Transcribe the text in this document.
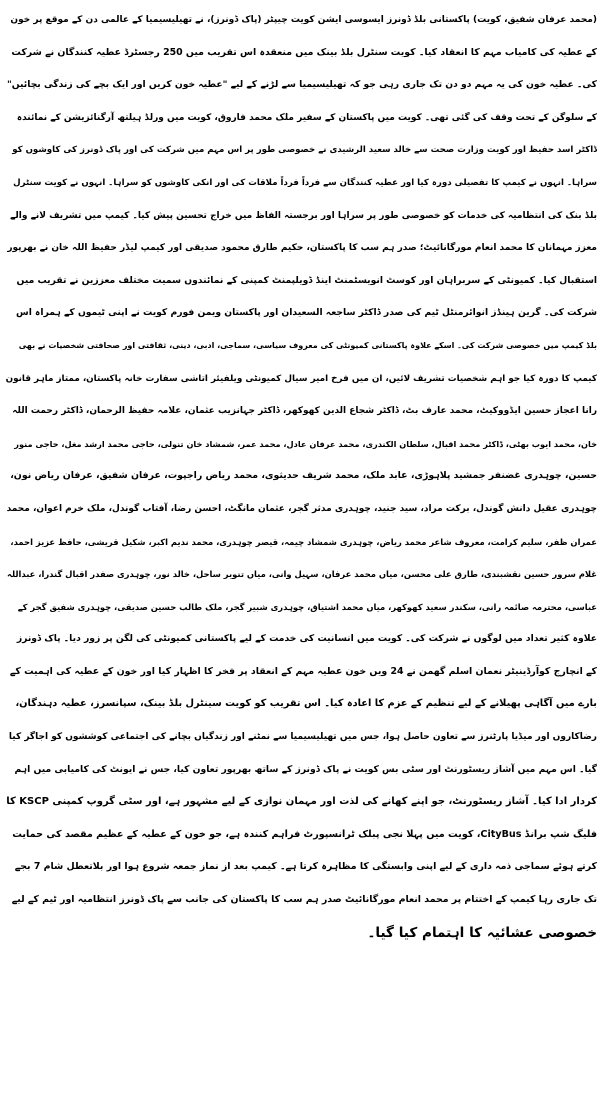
(محمد عرفان شفیق، کویت) پاکستانی بلڈ ڈونرز ایسوسی ایشن کویت چیپٹر (پاک ڈونرز)، نے تھیلیسیمیا کے عالمی دن کے موقع پر خون
کے عطیہ کی کامیاب مہم کا انعقاد کیا۔ کویت سنٹرل بلڈ بینک میں منعقدہ اس تقریب میں 250 رجسٹرڈ عطیہ کنندگان نے شرکت
کی۔ عطیہ خون کی یہ مہم دو دن تک جاری رہی جو کہ تھیلیسیمیا سے لڑنے کے لیے "عطیہ خون کریں اور ایک بچے کی زندگی بچائیں"
کے سلوگن کے تحت وقف کی گئی تھی۔ کویت میں پاکستان کے سفیر ملک محمد فاروق، کویت میں ورلڈ ہیلتھ آرگنائزیشن کے نمائندہ
ڈاکٹر اسد حفیظ اور کویت وزارت صحت سے خالد سعید الرشیدی نے خصوصی طور پر اس مہم میں شرکت کی اور پاک ڈونرز کی کاوشوں کو
سراہا۔ انہوں نے کیمپ کا تفصیلی دورہ کیا اور عطیہ کنندگان سے فرداً فرداً ملاقات کی اور انکی کاوشوں کو سراہا۔ انہوں نے کویت سنٹرل
بلڈ بنک کی انتظامیہ کی خدمات کو خصوصی طور پر سراہا اور برجستہ الفاظ میں خراج تحسین پیش کیا۔ کیمپ میں تشریف لانے والے
معزز مہمانان کا محمد انعام مورگانائیٹ؛ صدر ہم سب کا پاکستان، حکیم طارق محمود صدیقی اور کیمپ لیڈر حفیظ اللہ خان نے بھرپور
استقبال کیا۔ کمیونٹی کے سربراہان اور کوسٹ انویسٹمنٹ اینڈ ڈویلپمنٹ کمپنی کے نمائندوں سمیت مختلف معززین نے تقریب میں
شرکت کی۔ گرین ہینڈز انوائرمنٹل ٹیم کی صدر ڈاکٹر ساجعہ السعیدان اور پاکستان ویمن فورم کویت نے اپنی ٹیموں کے ہمراہ اس
بلڈ کیمپ میں خصوصی شرکت کی۔ اسکے علاوہ پاکستانی کمیونٹی کی معروف سیاسی، سماجی، ادبی، دینی، ثقافتی اور صحافتی شخصیات نے بھی
کیمپ کا دورہ کیا جو اہم شخصیات تشریف لائیں، ان میں فرخ امیر سیال کمیونٹی ویلفیئر اتاشی سفارت خانہ پاکستان، ممتاز ماہر قانون
رانا اعجاز حسین ایڈووکیٹ، محمد عارف بٹ، ڈاکٹر شجاع الدین کھوکھر، ڈاکٹر جہانزیب عثمان، علامہ حفیظ الرحمان، ڈاکٹر رحمت اللہ
خان، محمد ایوب بھٹی، ڈاکٹر محمد اقبال، سلطان الکندری، محمد عرفان عادل، محمد عمر، شمشاد خان تنولی، حاجی محمد ارشد مغل، حاجی منور
حسین، چوہدری غضنفر جمشید پلاہوڑی، عابد ملک، محمد شریف حدیثوی، محمد ریاض راجپوت، عرفان شفیق، عرفان ریاض نون،
چوہدری عقیل دانش گوندل، برکت مراد، سید جنید، چوہدری مدثر گجر، عثمان مانگٹ، احسن رضا، آفتاب گوندل، ملک خرم اعوان، محمد
عمران ظفر، سلیم کرامت، معروف شاعر محمد ریاض، چوہدری شمشاد چیمہ، قیصر چوہدری، محمد ندیم اکبر، شکیل قریشی، حافظ عزیز احمد،
غلام سرور حسین نقشبندی، طارق علی محسن، میاں محمد عرفان، سہیل وانی، میاں تنویر ساحل، خالد نور، چوہدری صفدر اقبال گندرا، عبداللہ
عباسی، محترمہ صائمہ رانی، سکندر سعید کھوکھر، میاں محمد اشتیاق، چوہدری شبیر گجر، ملک طالب حسین صدیقی، چوہدری شفیق گجر کے
علاوہ کثیر تعداد میں لوگوں نے شرکت کی۔ کویت میں انسانیت کی خدمت کے لیے پاکستانی کمیونٹی کی لگن پر زور دیا۔ پاک ڈونرز
کے انچارج کوآرڈینیٹر نعمان اسلم گھمن نے 24 ویں خون عطیہ مہم کے انعقاد پر فخر کا اظہار کیا اور خون کے عطیہ کی اہمیت کے
بارے میں آگاہی پھیلانے کے لیے تنظیم کے عزم کا اعادہ کیا۔ اس تقریب کو کویت سینٹرل بلڈ بینک، سپانسرز، عطیہ دہندگان،
رضاکاروں اور میڈیا پارٹنرز سے تعاون حاصل ہوا، جس میں تھیلیسیمیا سے نمٹنے اور زندگیاں بچانے کی اجتماعی کوششوں کو اجاگر کیا
گیا۔ اس مہم میں آشاز ریسٹورنٹ اور سٹی بس کویت نے پاک ڈونرز کے ساتھ بھرپور تعاون کیا، جس نے ایونٹ کی کامیابی میں اہم
کردار ادا کیا۔ آشاز ریسٹورنٹ، جو اپنے کھانے کی لذت اور مہمان نوازی کے لیے مشہور ہے، اور سٹی گروپ کمپنی KSCP کا
فلیگ شپ برانڈ CityBus، کویت میں پہلا نجی پبلک ٹرانسپورٹ فراہم کنندہ ہے، جو خون کے عطیہ کے عظیم مقصد کی حمایت
کرتے ہوئے سماجی ذمہ داری کے لیے اپنی وابستگی کا مظاہرہ کرتا ہے۔ کیمپ بعد از نماز جمعہ شروع ہوا اور بلاتعطل شام 7 بجے
تک جاری رہا کیمپ کے اختتام پر محمد انعام مورگانائیٹ صدر ہم سب کا پاکستان کی جانب سے پاک ڈونرز انتظامیہ اور ٹیم کے لیے
خصوصی عشائیہ کا اہتمام کیا گیا۔
